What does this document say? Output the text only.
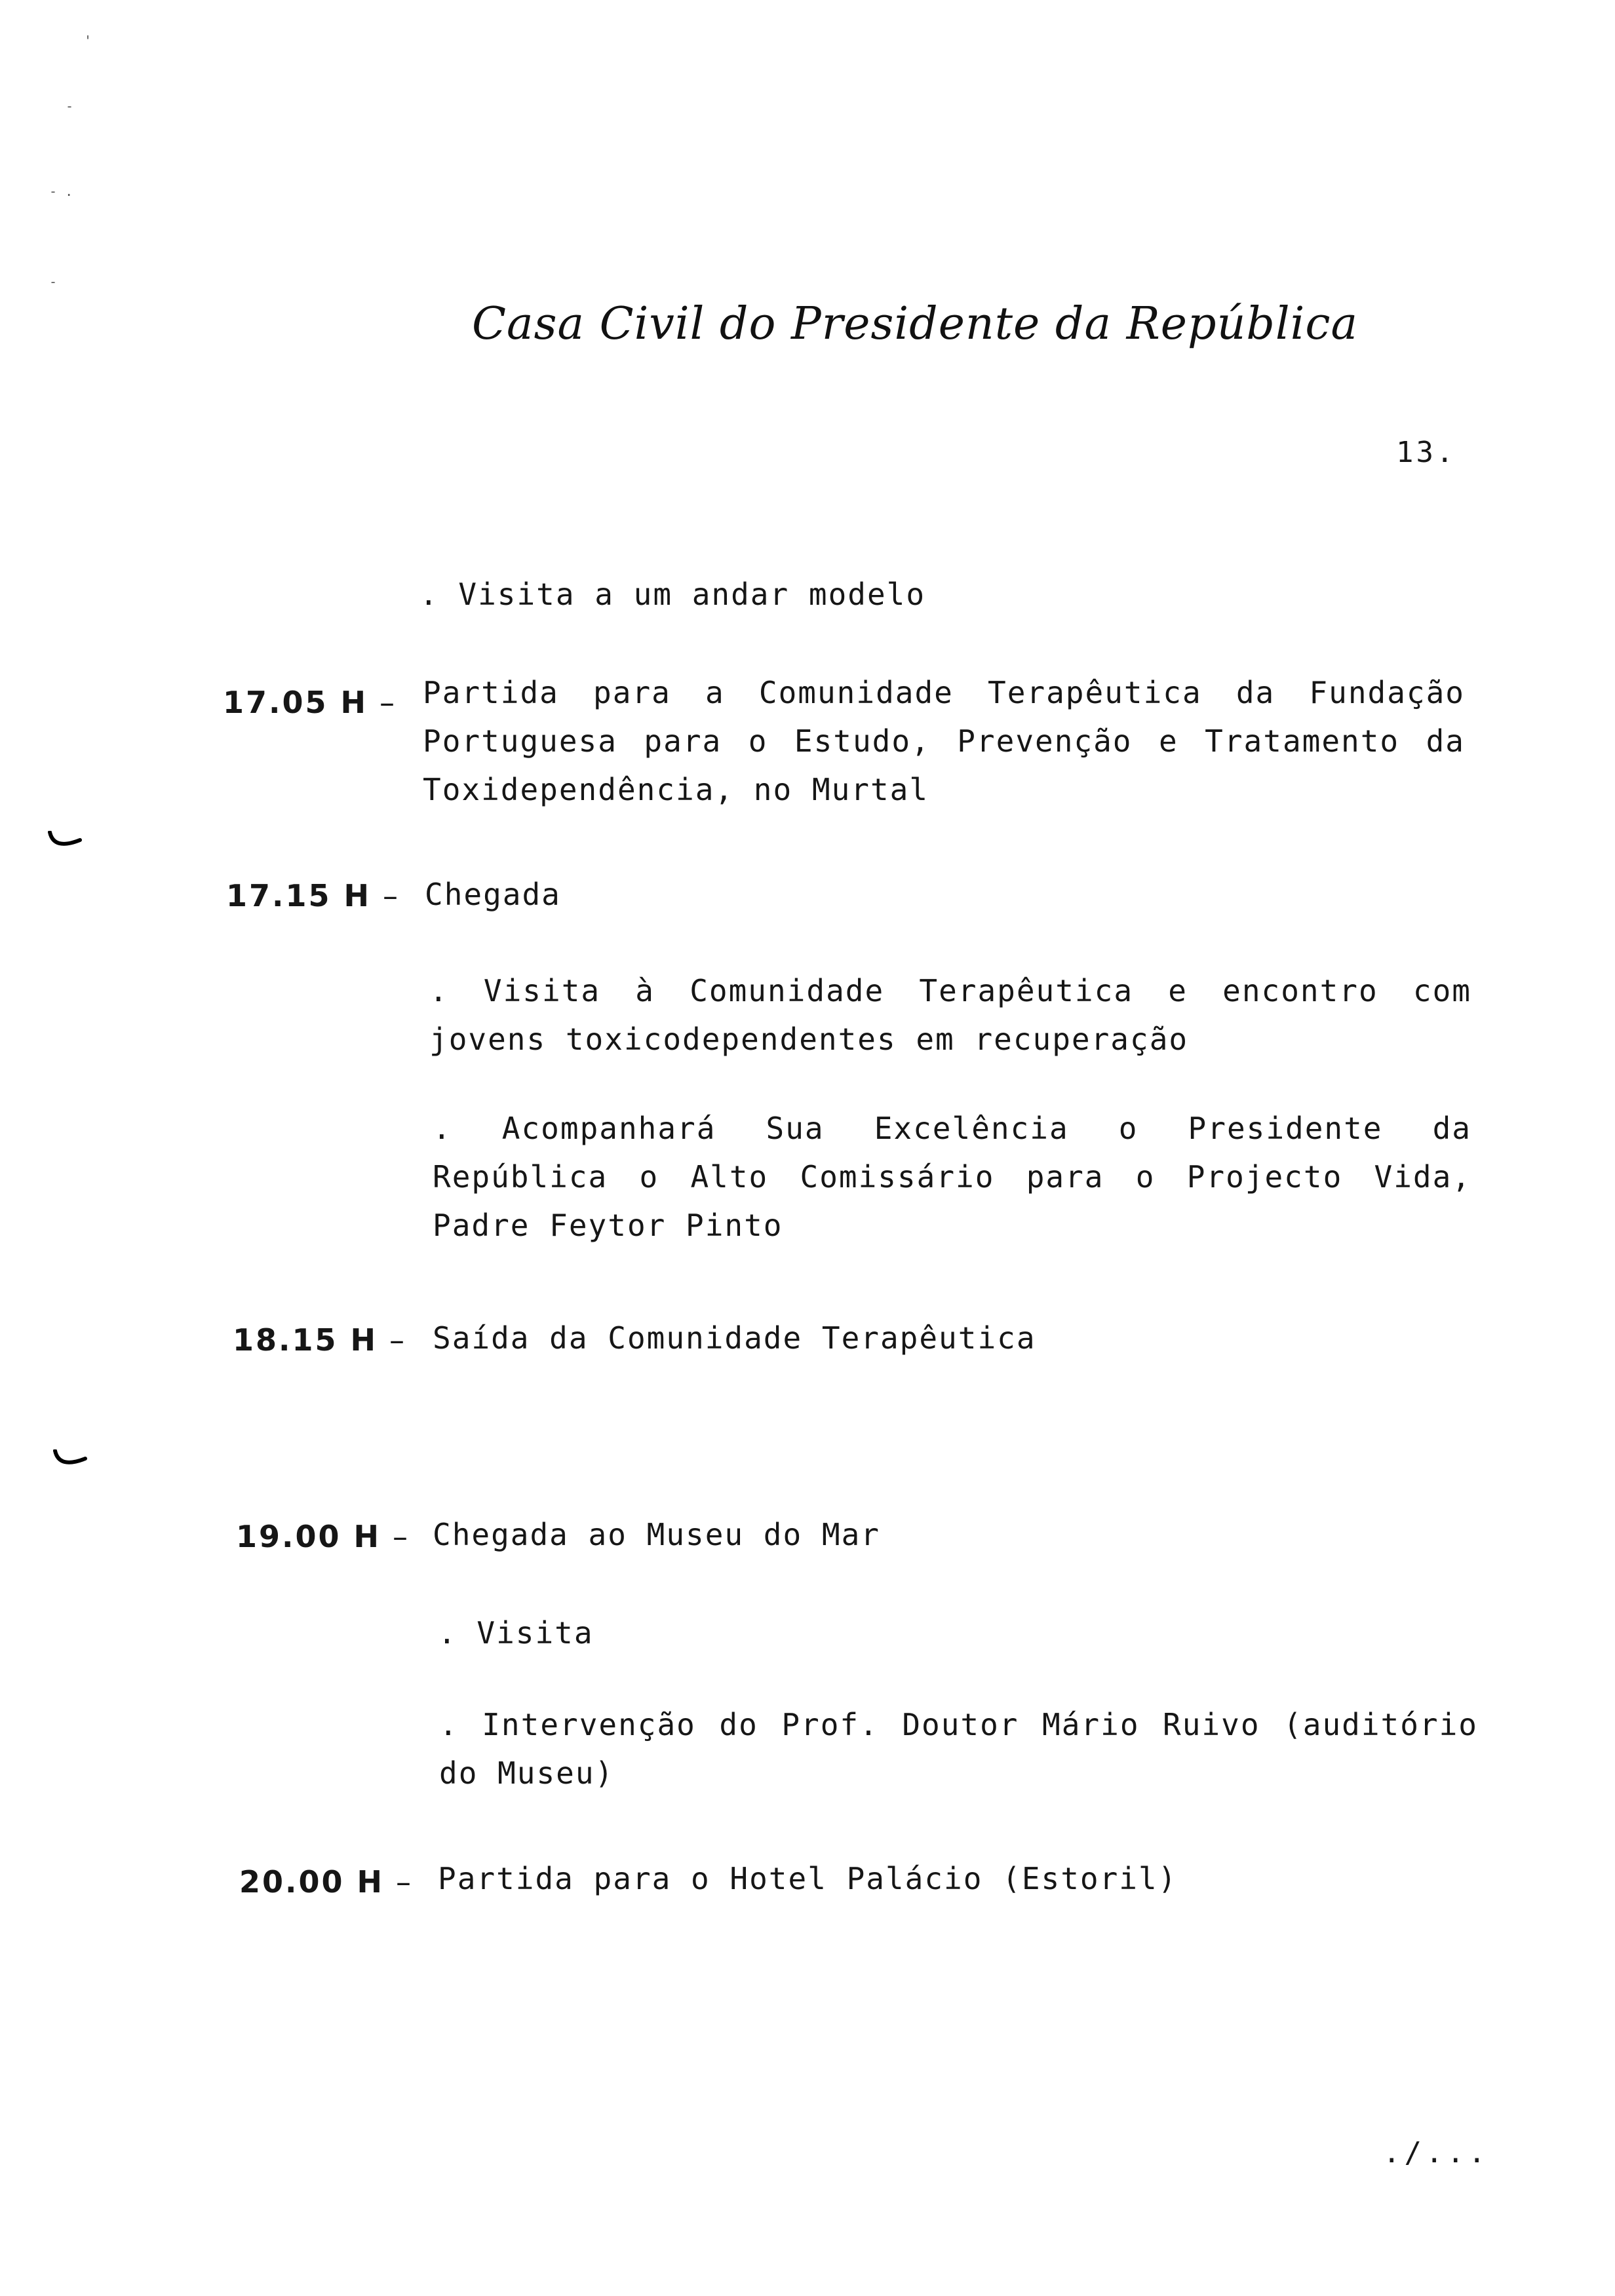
'
-
- .
-
Casa Civil do Presidente da República
13.
. Visita a um andar modelo
17.05 H – Partida para a Comunidade Terapêutica da Fundação Portuguesa para o Estudo, Prevenção e Tratamento da Toxidependência, no Murtal
17.15 H – Chegada
. Visita à Comunidade Terapêutica e encontro com jovens toxicodependentes em recuperação
. Acompanhará Sua Excelência o Presidente da República o Alto Comissário para o Projecto Vida, Padre Feytor Pinto
18.15 H – Saída da Comunidade Terapêutica
19.00 H – Chegada ao Museu do Mar
. Visita
. Intervenção do Prof. Doutor Mário Ruivo (auditório do Museu)
20.00 H – Partida para o Hotel Palácio (Estoril)
./...
